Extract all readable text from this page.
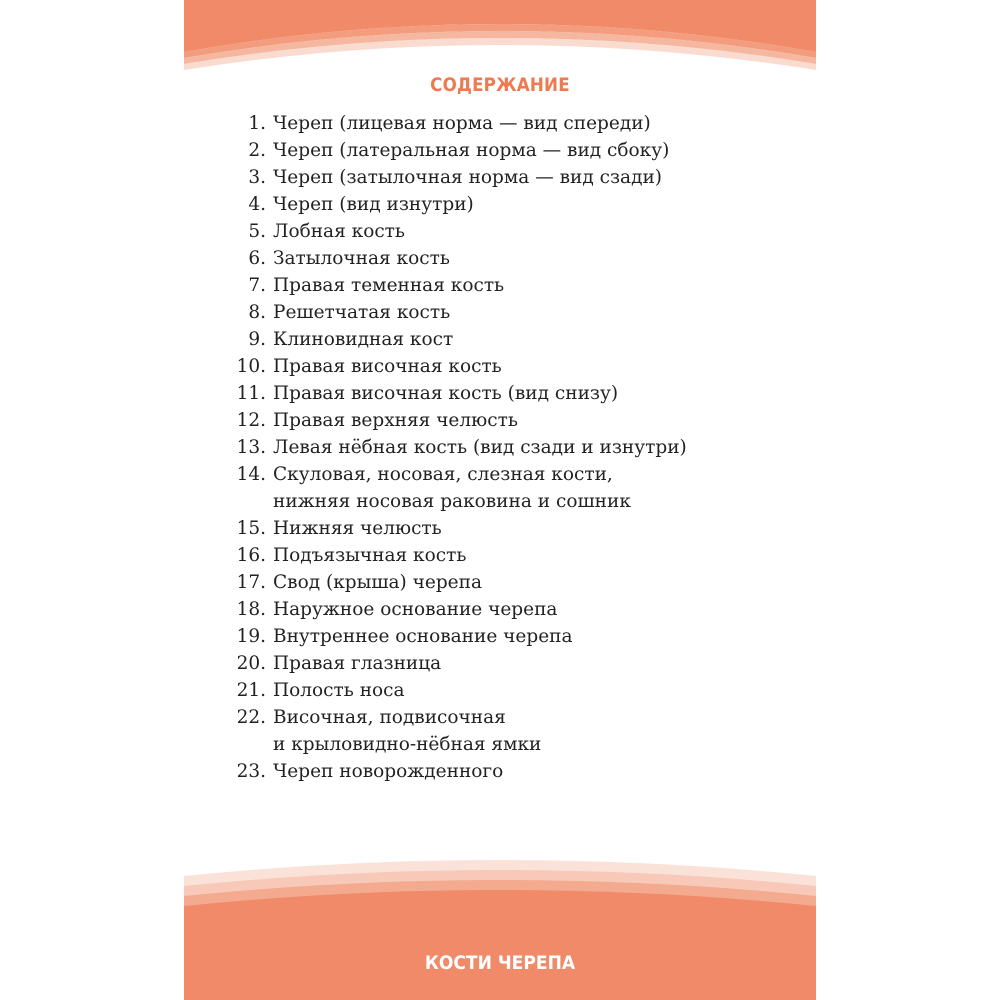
СОДЕРЖАНИЕ
1. Череп (лицевая норма — вид спереди)
2. Череп (латеральная норма — вид сбоку)
3. Череп (затылочная норма — вид сзади)
4. Череп (вид изнутри)
5. Лобная кость
6. Затылочная кость
7. Правая теменная кость
8. Решетчатая кость
9. Клиновидная кост
10. Правая височная кость
11. Правая височная кость (вид снизу)
12. Правая верхняя челюсть
13. Левая нёбная кость (вид сзади и изнутри)
14. Скуловая, носовая, слезная кости,
нижняя носовая раковина и сошник
15. Нижняя челюсть
16. Подъязычная кость
17. Свод (крыша) черепа
18. Наружное основание черепа
19. Внутреннее основание черепа
20. Правая глазница
21. Полость носа
22. Височная, подвисочная
и крыловидно-нёбная ямки
23. Череп новорожденного
КОСТИ ЧЕРЕПА
